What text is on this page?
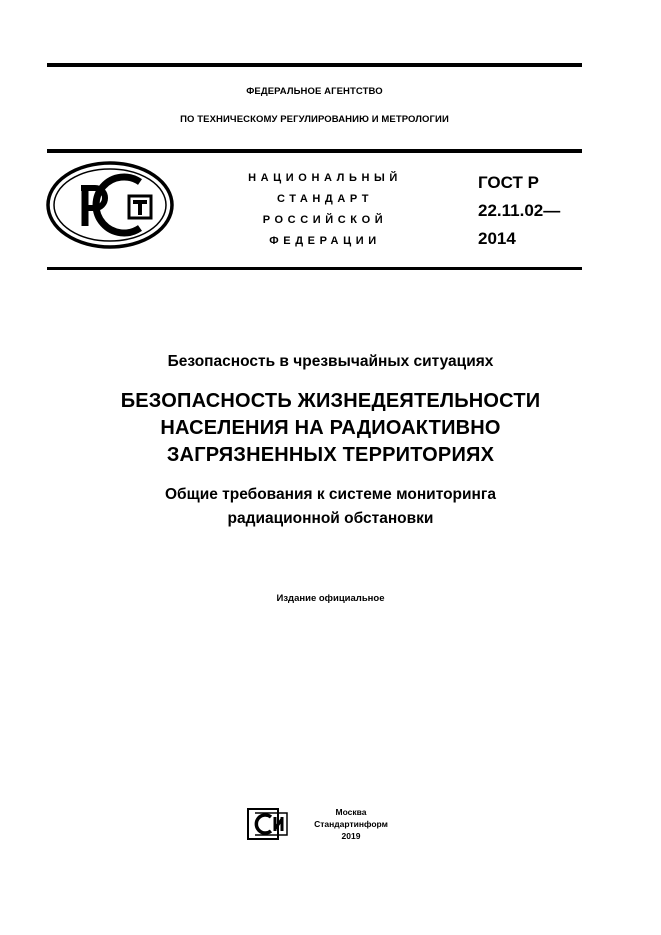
ФЕДЕРАЛЬНОЕ АГЕНТСТВО
ПО ТЕХНИЧЕСКОМУ РЕГУЛИРОВАНИЮ И МЕТРОЛОГИИ
НАЦИОНАЛЬНЫЙ
СТАНДАРТ
РОССИЙСКОЙ
ФЕДЕРАЦИИ
ГОСТ Р
22.11.02—
2014
Безопасность в чрезвычайных ситуациях
БЕЗОПАСНОСТЬ ЖИЗНЕДЕЯТЕЛЬНОСТИ
НАСЕЛЕНИЯ НА РАДИОАКТИВНО
ЗАГРЯЗНЕННЫХ ТЕРРИТОРИЯХ
Общие требования к системе мониторинга
радиационной обстановки
Издание официальное
Москва
Стандартинформ
2019
